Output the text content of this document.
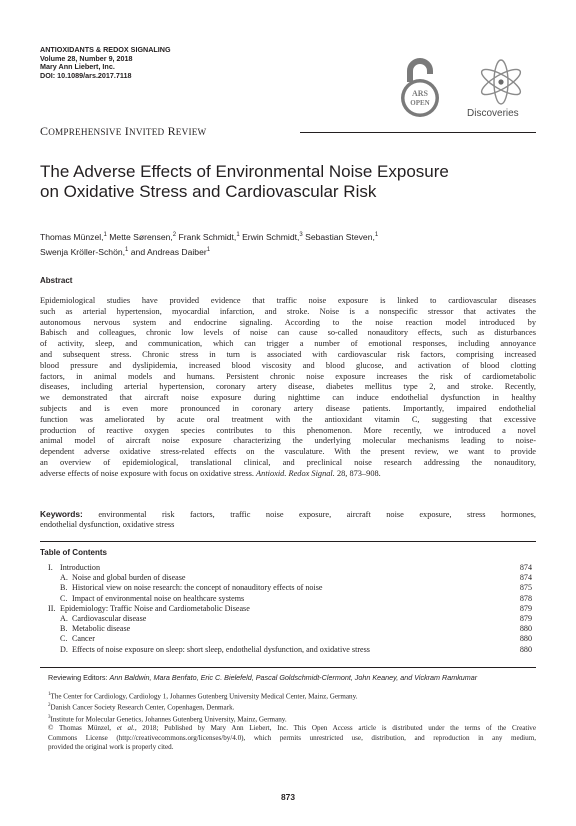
ANTIOXIDANTS & REDOX SIGNALING
Volume 28, Number 9, 2018
Mary Ann Liebert, Inc.
DOI: 10.1089/ars.2017.7118
ARS
OPEN
Discoveries
COMPREHENSIVE INVITED REVIEW
The Adverse Effects of Environmental Noise Exposure
on Oxidative Stress and Cardiovascular Risk
Thomas Münzel,$^1$ Mette Sørensen,$^2$ Frank Schmidt,$^1$ Erwin Schmidt,$^3$ Sebastian Steven,$^1$
Swenja Kröller-Schön,$^1$ and Andreas Daiber$^1$
Abstract
Epidemiological studies have provided evidence that traffic noise exposure is linked to cardiovascular diseases
such as arterial hypertension, myocardial infarction, and stroke. Noise is a nonspecific stressor that activates the
autonomous nervous system and endocrine signaling. According to the noise reaction model introduced by
Babisch and colleagues, chronic low levels of noise can cause so-called nonauditory effects, such as disturbances
of activity, sleep, and communication, which can trigger a number of emotional responses, including annoyance
and subsequent stress. Chronic stress in turn is associated with cardiovascular risk factors, comprising increased
blood pressure and dyslipidemia, increased blood viscosity and blood glucose, and activation of blood clotting
factors, in animal models and humans. Persistent chronic noise exposure increases the risk of cardiometabolic
diseases, including arterial hypertension, coronary artery disease, diabetes mellitus type 2, and stroke. Recently,
we demonstrated that aircraft noise exposure during nighttime can induce endothelial dysfunction in healthy
subjects and is even more pronounced in coronary artery disease patients. Importantly, impaired endothelial
function was ameliorated by acute oral treatment with the antioxidant vitamin C, suggesting that excessive
production of reactive oxygen species contributes to this phenomenon. More recently, we introduced a novel
animal model of aircraft noise exposure characterizing the underlying molecular mechanisms leading to noise-
dependent adverse oxidative stress-related effects on the vasculature. With the present review, we want to provide
an overview of epidemiological, translational clinical, and preclinical noise research addressing the nonauditory,
adverse effects of noise exposure with focus on oxidative stress. Antioxid. Redox Signal. 28, 873–908.
Keywords: environmental risk factors, traffic noise exposure, aircraft noise exposure, stress hormones,
endothelial dysfunction, oxidative stress
Table of Contents
I. Introduction	874
A. Noise and global burden of disease	874
B. Historical view on noise research: the concept of nonauditory effects of noise	875
C. Impact of environmental noise on healthcare systems	878
II. Epidemiology: Traffic Noise and Cardiometabolic Disease	879
A. Cardiovascular disease	879
B. Metabolic disease	880
C. Cancer	880
D. Effects of noise exposure on sleep: short sleep, endothelial dysfunction, and oxidative stress	880
Reviewing Editors: Ann Baldwin, Mara Benfato, Eric C. Bielefeld, Pascal Goldschmidt-Clermont, John Keaney, and Vickram Ramkumar
$^1$The Center for Cardiology, Cardiology 1, Johannes Gutenberg University Medical Center, Mainz, Germany.
$^2$Danish Cancer Society Research Center, Copenhagen, Denmark.
$^3$Institute for Molecular Genetics, Johannes Gutenberg University, Mainz, Germany.
© Thomas Münzel, et al., 2018; Published by Mary Ann Liebert, Inc. This Open Access article is distributed under the terms of the Creative
Commons License (http://creativecommons.org/licenses/by/4.0), which permits unrestricted use, distribution, and reproduction in any medium,
provided the original work is properly cited.
873
